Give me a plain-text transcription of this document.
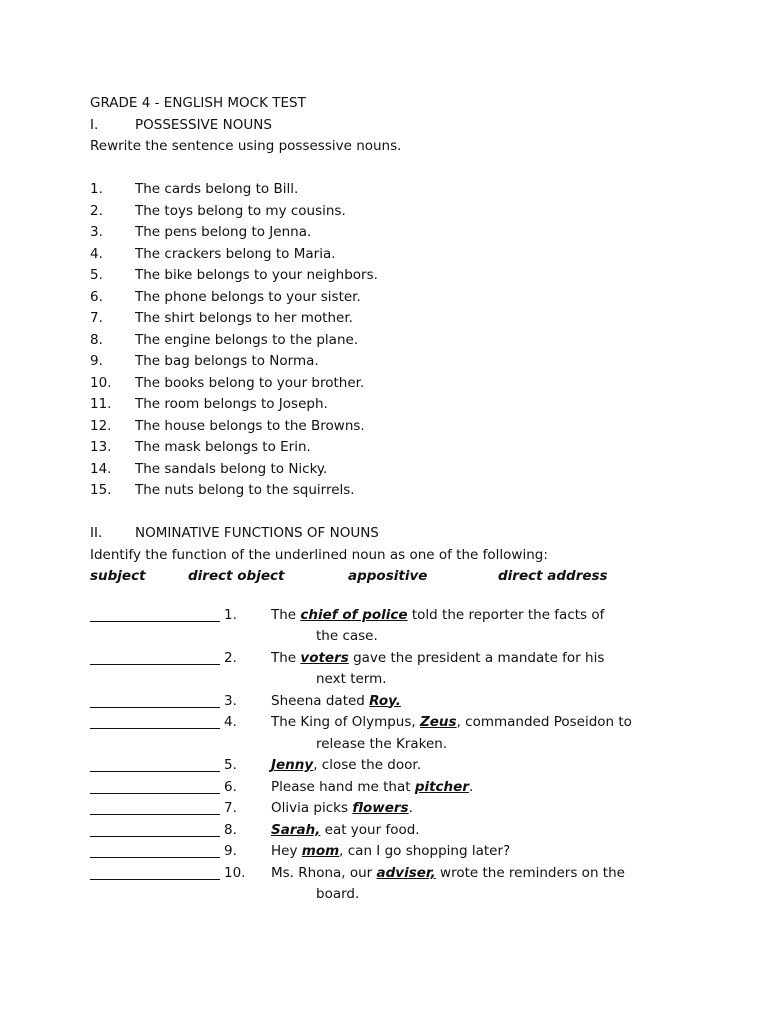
GRADE 4 - ENGLISH MOCK TEST
I.	POSSESSIVE NOUNS
Rewrite the sentence using possessive nouns.
1. The cards belong to Bill.
2. The toys belong to my cousins.
3. The pens belong to Jenna.
4. The crackers belong to Maria.
5. The bike belongs to your neighbors.
6. The phone belongs to your sister.
7. The shirt belongs to her mother.
8. The engine belongs to the plane.
9. The bag belongs to Norma.
10. The books belong to your brother.
11. The room belongs to Joseph.
12. The house belongs to the Browns.
13. The mask belongs to Erin.
14. The sandals belong to Nicky.
15. The nuts belong to the squirrels.
II. NOMINATIVE FUNCTIONS OF NOUNS
Identify the function of the underlined noun as one of the following:
subject	direct object	appositive	direct address
1.	The chief of police told the reporter the facts of
the case.
2.	The voters gave the president a mandate for his
next term.
3.	Sheena dated Roy.
4.	The King of Olympus, Zeus, commanded Poseidon to
release the Kraken.
5.	Jenny, close the door.
6.	Please hand me that pitcher.
7.	Olivia picks flowers.
8.	Sarah, eat your food.
9.	Hey mom, can I go shopping later?
10. Ms. Rhona, our adviser, wrote the reminders on the
board.
